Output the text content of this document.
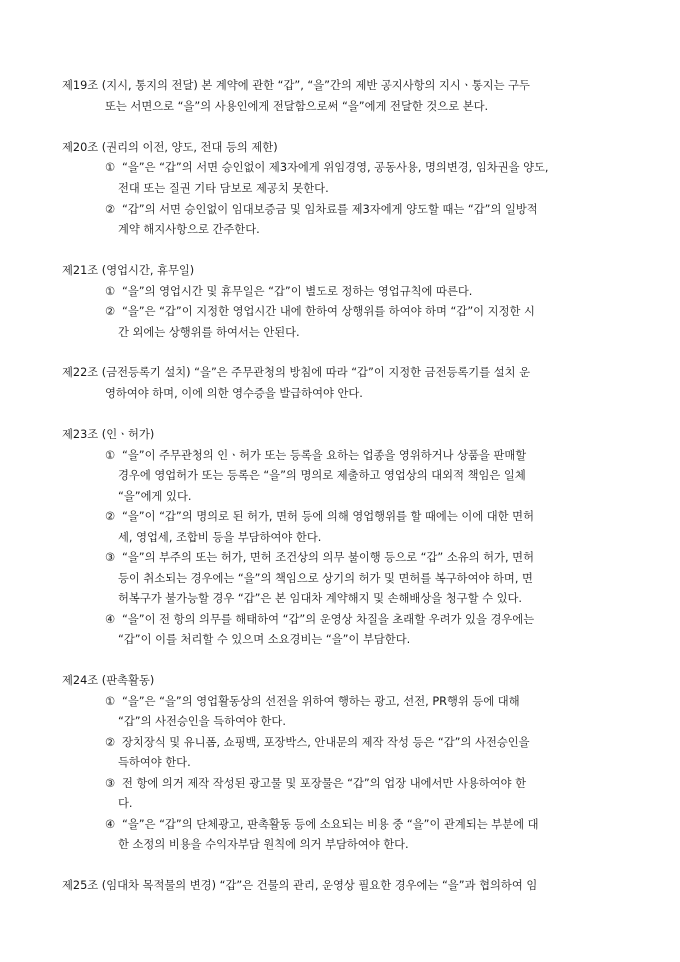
제19조 (지시, 통지의 전달) 본 계약에 관한 “갑”, “을”간의 제반 공지사항의 지시ㆍ통지는 구두
또는 서면으로 “을”의 사용인에게 전달함으로써 “을”에게 전달한 것으로 본다.
제20조 (권리의 이전, 양도, 전대 등의 제한)
① “을”은 “갑”의 서면 승인없이 제3자에게 위임경영, 공동사용, 명의변경, 임차권을 양도,
전대 또는 질권 기타 담보로 제공치 못한다.
② “갑”의 서면 승인없이 임대보증금 및 임차료를 제3자에게 양도할 때는 “갑”의 일방적
계약 해지사항으로 간주한다.
제21조 (영업시간, 휴무일)
① “을”의 영업시간 및 휴무일은 “갑”이 별도로 정하는 영업규칙에 따른다.
② “을”은 “갑”이 지정한 영업시간 내에 한하여 상행위를 하여야 하며 “갑”이 지정한 시
간 외에는 상행위를 하여서는 안된다.
제22조 (금전등록기 설치) “을”은 주무관청의 방침에 따라 “갑”이 지정한 금전등록기를 설치 운
영하여야 하며, 이에 의한 영수증을 발급하여야 안다.
제23조 (인ㆍ허가)
① “을”이 주무관청의 인ㆍ허가 또는 등록을 요하는 업종을 영위하거나 상품을 판매할
경우에 영업허가 또는 등록은 “을”의 명의로 제출하고 영업상의 대외적 책임은 일체
“을”에게 있다.
② “을”이 “갑”의 명의로 된 허가, 면허 등에 의해 영업행위를 할 때에는 이에 대한 면허
세, 영업세, 조합비 등을 부담하여야 한다.
③ “을”의 부주의 또는 허가, 면허 조건상의 의무 불이행 등으로 “갑” 소유의 허가, 면허
등이 취소되는 경우에는 “을”의 책임으로 상기의 허가 및 면허를 복구하여야 하며, 면
허복구가 불가능할 경우 “갑”은 본 임대차 계약해지 및 손해배상을 청구할 수 있다.
④ “을”이 전 항의 의무를 해태하여 “갑”의 운영상 차질을 초래할 우려가 있을 경우에는
“갑”이 이를 처리할 수 있으며 소요경비는 “을”이 부담한다.
제24조 (판촉활동)
① “을”은 “을”의 영업활동상의 선전을 위하여 행하는 광고, 선전, PR행위 등에 대해
“갑”의 사전승인을 득하여야 한다.
② 장치장식 및 유니폼, 쇼핑백, 포장박스, 안내문의 제작 작성 등은 “갑”의 사전승인을
득하여야 한다.
③ 전 항에 의거 제작 작성된 광고물 및 포장물은 “갑”의 업장 내에서만 사용하여야 한
다.
④ “을”은 “갑”의 단체광고, 판촉활동 등에 소요되는 비용 중 “을”이 관계되는 부분에 대
한 소정의 비용을 수익자부담 원칙에 의거 부담하여야 한다.
제25조 (임대차 목적물의 변경) “갑”은 건물의 관리, 운영상 필요한 경우에는 “을”과 협의하여 임
